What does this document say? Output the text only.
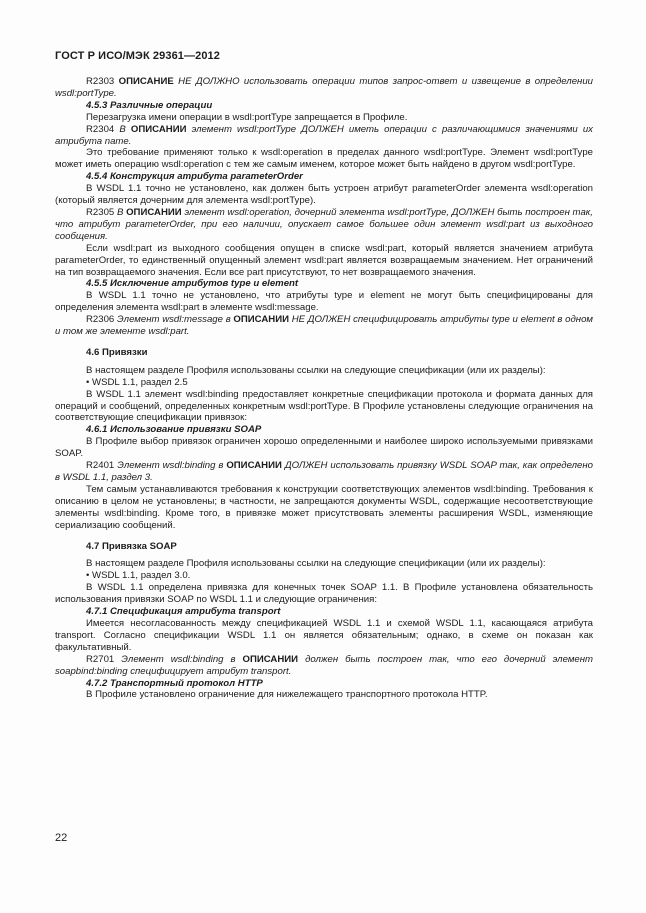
ГОСТ Р ИСО/МЭК 29361—2012

R2303 ОПИСАНИЕ НЕ ДОЛЖНО использовать операции типов запрос-ответ и извещение в определении wsdl:portType.

4.5.3 Различные операции

Перезагрузка имени операции в wsdl:portType запрещается в Профиле.

R2304 В ОПИСАНИИ элемент wsdl:portType ДОЛЖЕН иметь операции с различающимися значениями их атрибута name.

Это требование применяют только к wsdl:operation в пределах данного wsdl:portType. Элемент wsdl:portType может иметь операцию wsdl:operation с тем же самым именем, которое может быть найдено в другом wsdl:portType.

4.5.4 Конструкция атрибута parameterOrder

В WSDL 1.1 точно не установлено, как должен быть устроен атрибут parameterOrder элемента wsdl:operation (который является дочерним для элемента wsdl:portType).

R2305 В ОПИСАНИИ элемент wsdl:operation, дочерний элемента wsdl:portType, ДОЛЖЕН быть построен так, что атрибут parameterOrder, при его наличии, опускает самое большее один элемент wsdl:part из выходного сообщения.

Если wsdl:part из выходного сообщения опущен в списке wsdl:part, который является значением атрибута parameterOrder, то единственный опущенный элемент wsdl:part является возвращаемым значением. Нет ограничений на тип возвращаемого значения. Если все part присутствуют, то нет возвращаемого значения.

4.5.5 Исключение атрибутов type и element

В WSDL 1.1 точно не установлено, что атрибуты type и element не могут быть специфицированы для определения элемента wsdl:part в элементе wsdl:message.

R2306 Элемент wsdl:message в ОПИСАНИИ НЕ ДОЛЖЕН специфицировать атрибуты type и element в одном и том же элементе wsdl:part.

4.6 Привязки

В настоящем разделе Профиля использованы ссылки на следующие спецификации (или их разделы):

• WSDL 1.1, раздел 2.5

В WSDL 1.1 элемент wsdl:binding предоставляет конкретные спецификации протокола и формата данных для операций и сообщений, определенных конкретным wsdl:portType. В Профиле установлены следующие ограничения на соответствующие спецификации привязок:

4.6.1 Использование привязки SOAP

В Профиле выбор привязок ограничен хорошо определенными и наиболее широко используемыми привязками SOAP.

R2401 Элемент wsdl:binding в ОПИСАНИИ ДОЛЖЕН использовать привязку WSDL SOAP так, как определено в WSDL 1.1, раздел 3.

Тем самым устанавливаются требования к конструкции соответствующих элементов wsdl:binding. Требования к описанию в целом не установлены; в частности, не запрещаются документы WSDL, содержащие несоответствующие элементы wsdl:binding. Кроме того, в привязке может присутствовать элементы расширения WSDL, изменяющие сериализацию сообщений.

4.7 Привязка SOAP

В настоящем разделе Профиля использованы ссылки на следующие спецификации (или их разделы):

• WSDL 1.1, раздел 3.0.

В WSDL 1.1 определена привязка для конечных точек SOAP 1.1. В Профиле установлена обязательность использования привязки SOAP по WSDL 1.1 и следующие ограничения:

4.7.1 Спецификация атрибута transport

Имеется несогласованность между спецификацией WSDL 1.1 и схемой WSDL 1.1, касающаяся атрибута transport. Согласно спецификации WSDL 1.1 он является обязательным; однако, в схеме он показан как факультативный.

R2701 Элемент wsdl:binding в ОПИСАНИИ должен быть построен так, что его дочерний элемент soapbind:binding специфицирует атрибут transport.

4.7.2 Транспортный протокол HTTP

В Профиле установлено ограничение для нижележащего транспортного протокола HTTP.

22
